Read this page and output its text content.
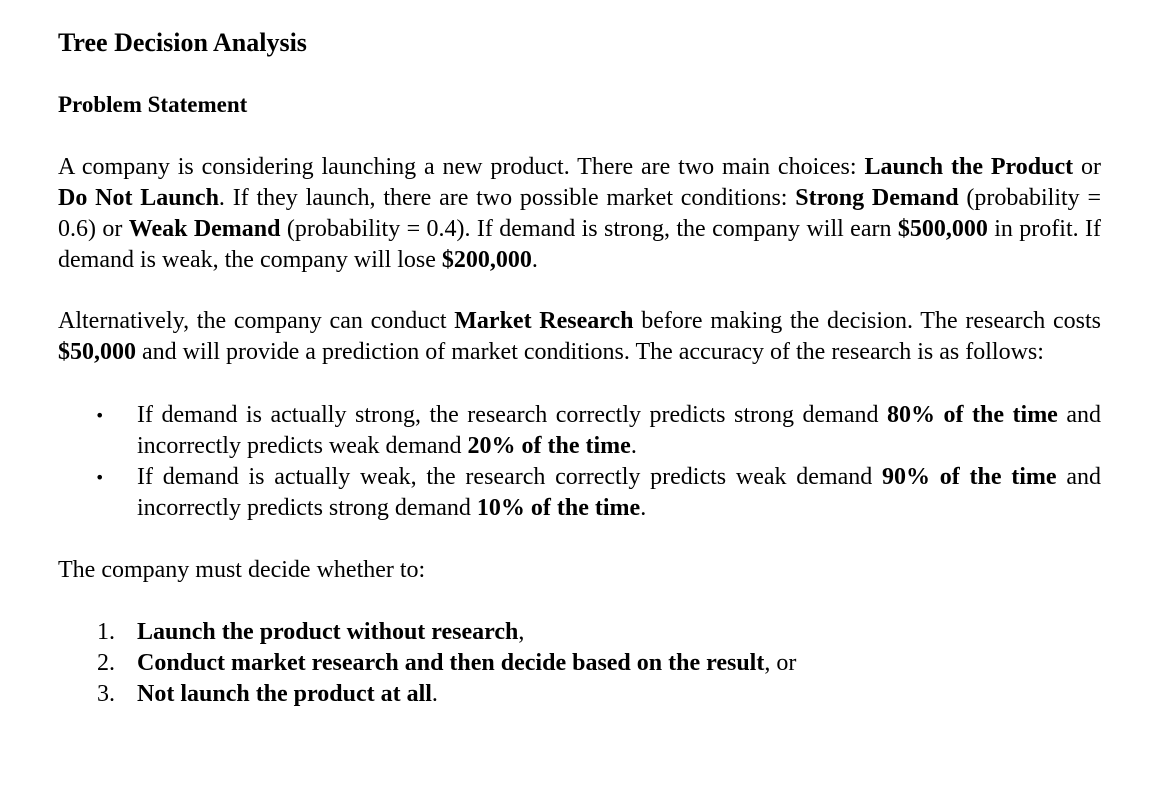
Tree Decision Analysis
Problem Statement

A company is considering launching a new product. There are two main choices: Launch the Product or Do Not Launch. If they launch, there are two possible market conditions: Strong Demand (probability = 0.6) or Weak Demand (probability = 0.4). If demand is strong, the company will earn $500,000 in profit. If demand is weak, the company will lose $200,000.

Alternatively, the company can conduct Market Research before making the decision. The research costs $50,000 and will provide a prediction of market conditions. The accuracy of the research is as follows:

• If demand is actually strong, the research correctly predicts strong demand 80% of the time and incorrectly predicts weak demand 20% of the time.
• If demand is actually weak, the research correctly predicts weak demand 90% of the time and incorrectly predicts strong demand 10% of the time.

The company must decide whether to:

1. Launch the product without research,
2. Conduct market research and then decide based on the result, or
3. Not launch the product at all.
